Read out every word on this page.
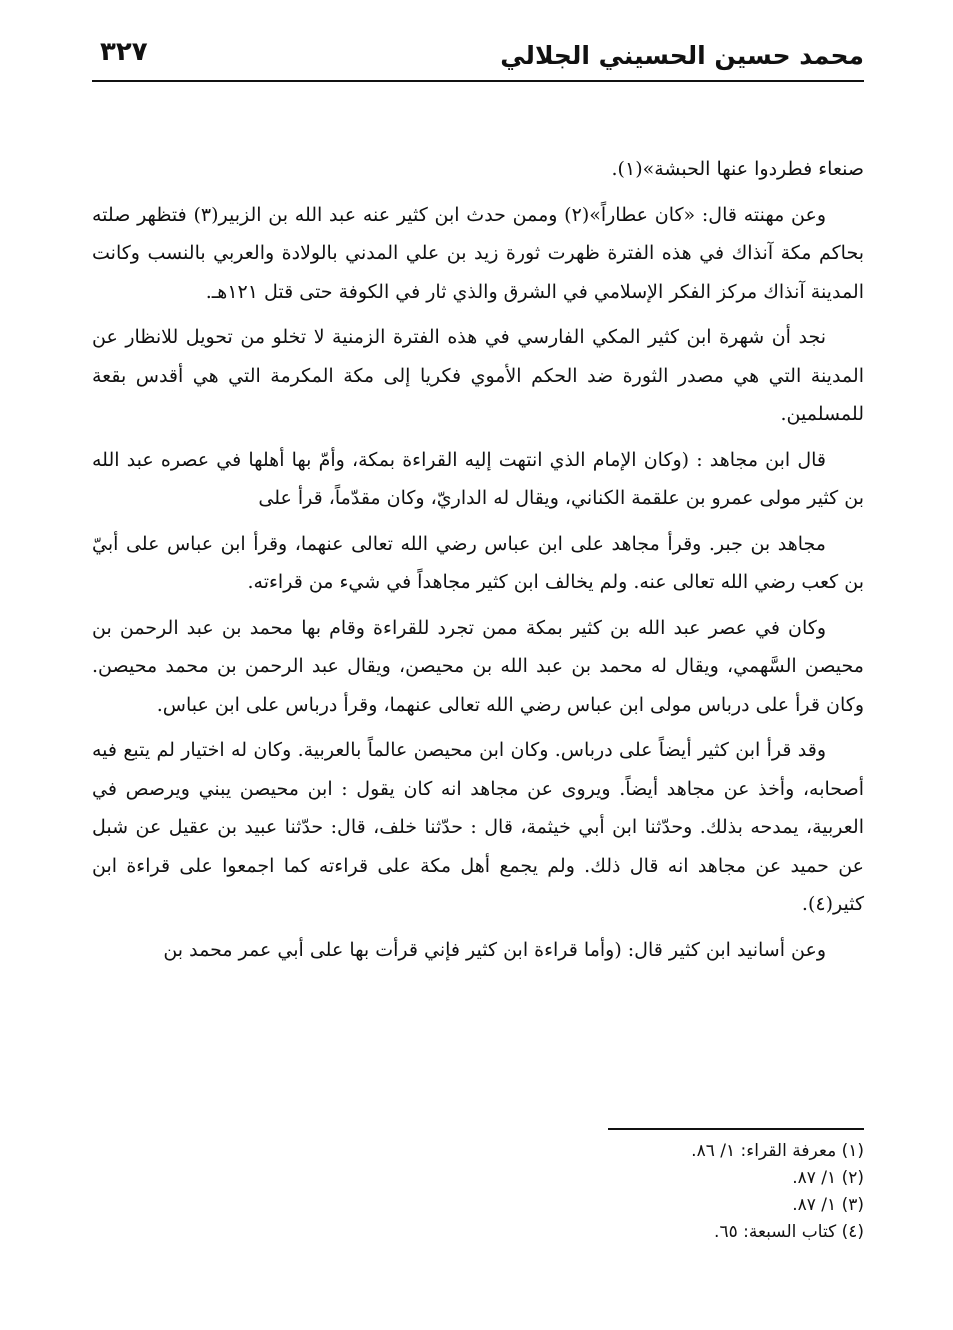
محمد حسين الحسيني الجلالي
٣٢٧

صنعاء فطردوا عنها الحبشة»(١).

وعن مهنته قال: «كان عطاراً»(٢) وممن حدث ابن كثير عنه عبد الله بن الزبير(٣) فتظهر صلته بحاكم مكة آنذاك في هذه الفترة ظهرت ثورة زيد بن علي المدني بالولادة والعربي بالنسب وكانت المدينة آنذاك مركز الفكر الإسلامي في الشرق والذي ثار في الكوفة حتى قتل ١٢١هـ.

نجد أن شهرة ابن كثير المكي الفارسي في هذه الفترة الزمنية لا تخلو من تحويل للانظار عن المدينة التي هي مصدر الثورة ضد الحكم الأموي فكريا إلى مكة المكرمة التي هي أقدس بقعة للمسلمين.

قال ابن مجاهد : (وكان الإمام الذي انتهت إليه القراءة بمكة، وأمّ بها أهلها في عصره عبد الله بن كثير مولى عمرو بن علقمة الكناني، ويقال له الداريّ، وكان مقدّماً، قرأ على

مجاهد بن جبر. وقرأ مجاهد على ابن عباس رضي الله تعالى عنهما، وقرأ ابن عباس على أبيّ بن كعب رضي الله تعالى عنه. ولم يخالف ابن كثير مجاهداً في شيء من قراءته.

وكان في عصر عبد الله بن كثير بمكة ممن تجرد للقراءة وقام بها محمد بن عبد الرحمن بن محيصن السَّهمي، ويقال له محمد بن عبد الله بن محيصن، ويقال عبد الرحمن بن محمد محيصن. وكان قرأ على درباس مولى ابن عباس رضي الله تعالى عنهما، وقرأ درباس على ابن عباس.

وقد قرأ ابن كثير أيضاً على درباس. وكان ابن محيصن عالماً بالعربية. وكان له اختيار لم يتبع فيه أصحابه، وأخذ عن مجاهد أيضاً. ويروى عن مجاهد انه كان يقول : ابن محيصن يبني ويرصص في العربية، يمدحه بذلك. وحدّثنا ابن أبي خيثمة، قال : حدّثنا خلف، قال: حدّثنا عبيد بن عقيل عن شبل عن حميد عن مجاهد انه قال ذلك. ولم يجمع أهل مكة على قراءته كما اجمعوا على قراءة ابن كثير(٤).

وعن أسانيد ابن كثير قال: (وأما قراءة ابن كثير فإني قرأت بها على أبي عمر محمد بن

(١) معرفة القراء: ١/ ٨٦.

(٢) ١/ ٨٧.

(٣) ١/ ٨٧.

(٤) كتاب السبعة: ٦٥.
